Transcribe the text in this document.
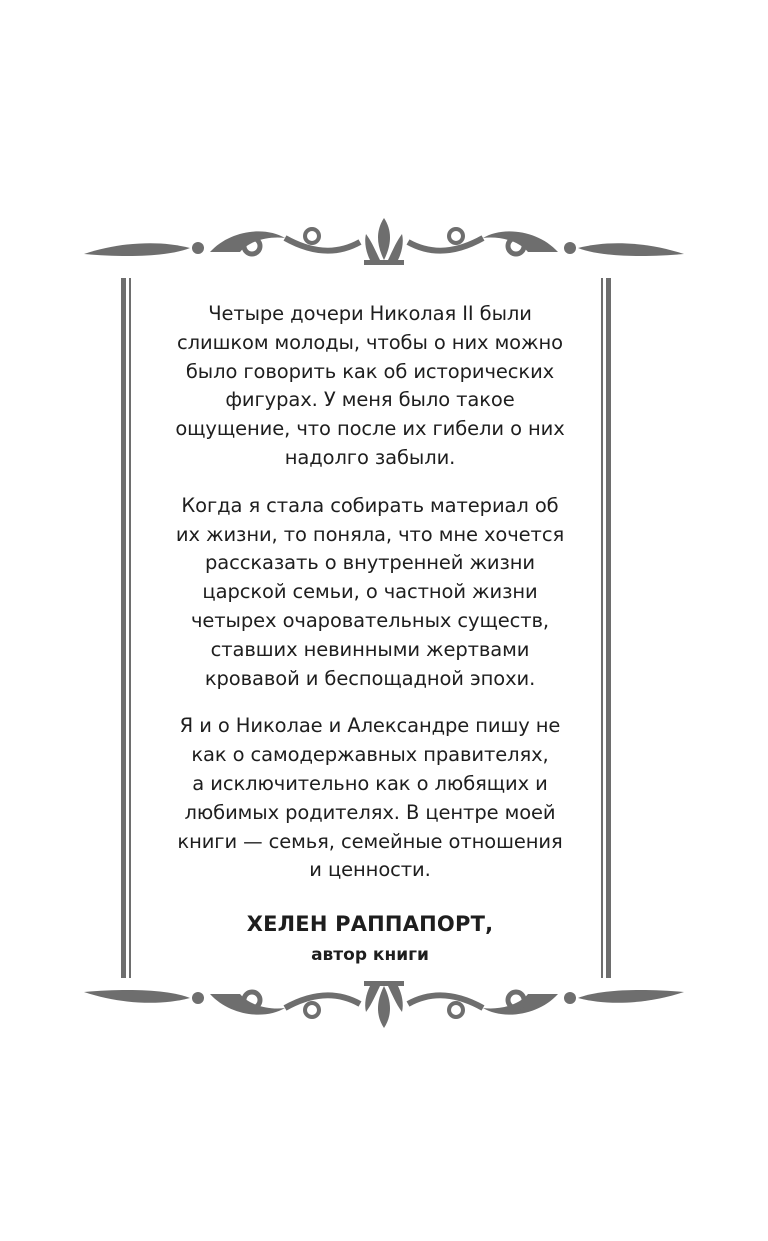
Четыре дочери Николая II были
слишком молоды, чтобы о них можно
было говорить как об исторических
фигурах. У меня было такое
ощущение, что после их гибели о них
надолго забыли.

Когда я стала собирать материал об
их жизни, то поняла, что мне хочется
рассказать о внутренней жизни
царской семьи, о частной жизни
четырех очаровательных существ,
ставших невинными жертвами
кровавой и беспощадной эпохи.

Я и о Николае и Александре пишу не
как о самодержавных правителях,
а исключительно как о любящих и
любимых родителях. В центре моей
книги — семья, семейные отношения
и ценности.

ХЕЛЕН РАППАПОРТ,
автор книги
